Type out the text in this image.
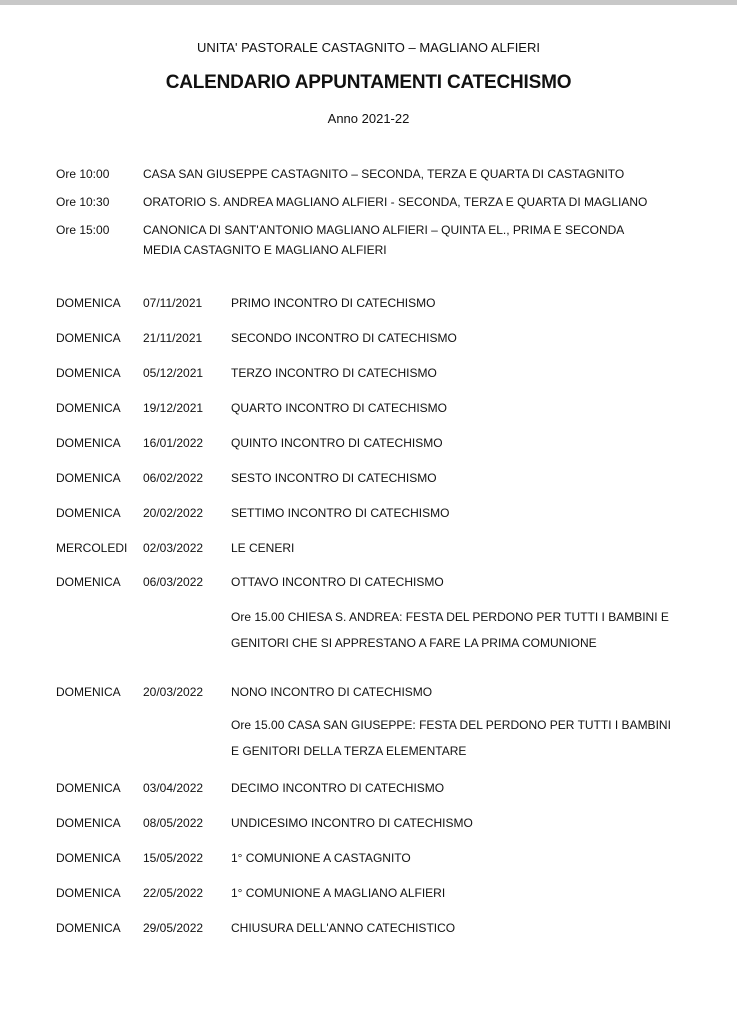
UNITA' PASTORALE CASTAGNITO – MAGLIANO ALFIERI
CALENDARIO APPUNTAMENTI CATECHISMO
Anno 2021-22
Ore 10:00	CASA SAN GIUSEPPE CASTAGNITO – SECONDA, TERZA E QUARTA DI CASTAGNITO
Ore 10:30	ORATORIO S. ANDREA MAGLIANO ALFIERI - SECONDA, TERZA E QUARTA DI MAGLIANO
Ore 15:00	CANONICA DI SANT'ANTONIO MAGLIANO ALFIERI – QUINTA EL., PRIMA E SECONDA MEDIA CASTAGNITO E MAGLIANO ALFIERI
DOMENICA 07/11/2021 PRIMO INCONTRO DI CATECHISMO
DOMENICA 21/11/2021 SECONDO INCONTRO DI CATECHISMO
DOMENICA 05/12/2021 TERZO INCONTRO DI CATECHISMO
DOMENICA 19/12/2021 QUARTO INCONTRO DI CATECHISMO
DOMENICA 16/01/2022 QUINTO INCONTRO DI CATECHISMO
DOMENICA 06/02/2022 SESTO INCONTRO DI CATECHISMO
DOMENICA 20/02/2022 SETTIMO INCONTRO DI CATECHISMO
MERCOLEDI 02/03/2022 LE CENERI
DOMENICA 06/03/2022 OTTAVO INCONTRO DI CATECHISMO
Ore 15.00 CHIESA S. ANDREA: FESTA DEL PERDONO PER TUTTI I BAMBINI E GENITORI CHE SI APPRESTANO A FARE LA PRIMA COMUNIONE
DOMENICA 20/03/2022 NONO INCONTRO DI CATECHISMO
Ore 15.00 CASA SAN GIUSEPPE: FESTA DEL PERDONO PER TUTTI I BAMBINI E GENITORI DELLA TERZA ELEMENTARE
DOMENICA 03/04/2022 DECIMO INCONTRO DI CATECHISMO
DOMENICA 08/05/2022 UNDICESIMO INCONTRO DI CATECHISMO
DOMENICA 15/05/2022 1° COMUNIONE A CASTAGNITO
DOMENICA 22/05/2022 1° COMUNIONE A MAGLIANO ALFIERI
DOMENICA 29/05/2022 CHIUSURA DELL'ANNO CATECHISTICO
